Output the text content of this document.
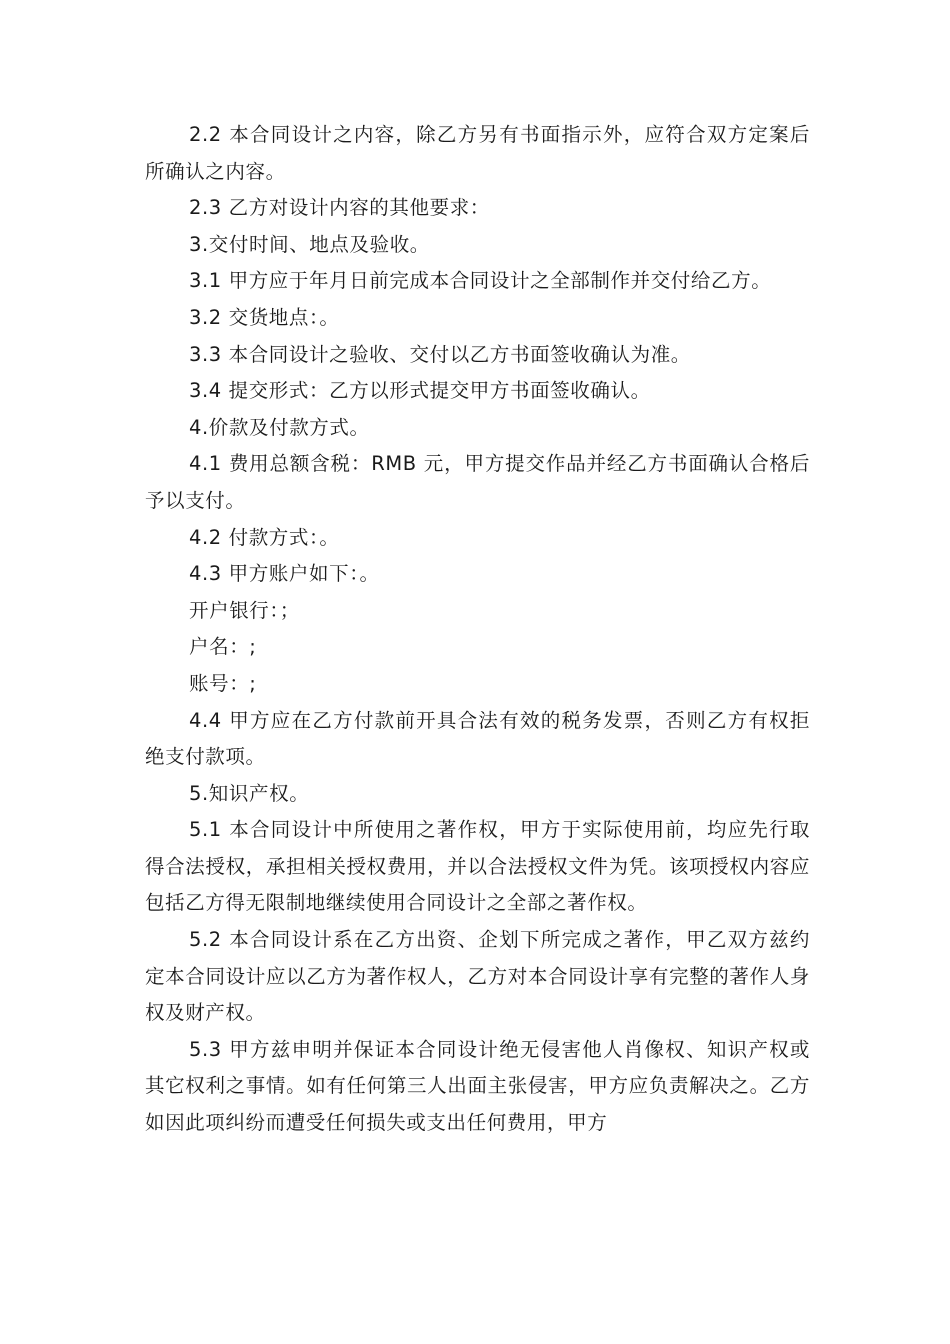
2.2 本合同设计之内容，除乙方另有书面指示外，应符合双方定案后所确认之内容。

2.3 乙方对设计内容的其他要求：

3.交付时间、地点及验收。

3.1 甲方应于年月日前完成本合同设计之全部制作并交付给乙方。

3.2 交货地点：。

3.3 本合同设计之验收、交付以乙方书面签收确认为准。

3.4 提交形式：乙方以形式提交甲方书面签收确认。

4.价款及付款方式。

4.1 费用总额含税：RMB 元，甲方提交作品并经乙方书面确认合格后予以支付。

4.2 付款方式：。

4.3 甲方账户如下：。

开户银行：；

户名：;

账号：;

4.4 甲方应在乙方付款前开具合法有效的税务发票，否则乙方有权拒绝支付款项。

5.知识产权。

5.1 本合同设计中所使用之著作权，甲方于实际使用前，均应先行取得合法授权，承担相关授权费用，并以合法授权文件为凭。该项授权内容应包括乙方得无限制地继续使用合同设计之全部之著作权。

5.2 本合同设计系在乙方出资、企划下所完成之著作，甲乙双方兹约定本合同设计应以乙方为著作权人，乙方对本合同设计享有完整的著作人身权及财产权。

5.3 甲方兹申明并保证本合同设计绝无侵害他人肖像权、知识产权或其它权利之事情。如有任何第三人出面主张侵害，甲方应负责解决之。乙方如因此项纠纷而遭受任何损失或支出任何费用，甲方
